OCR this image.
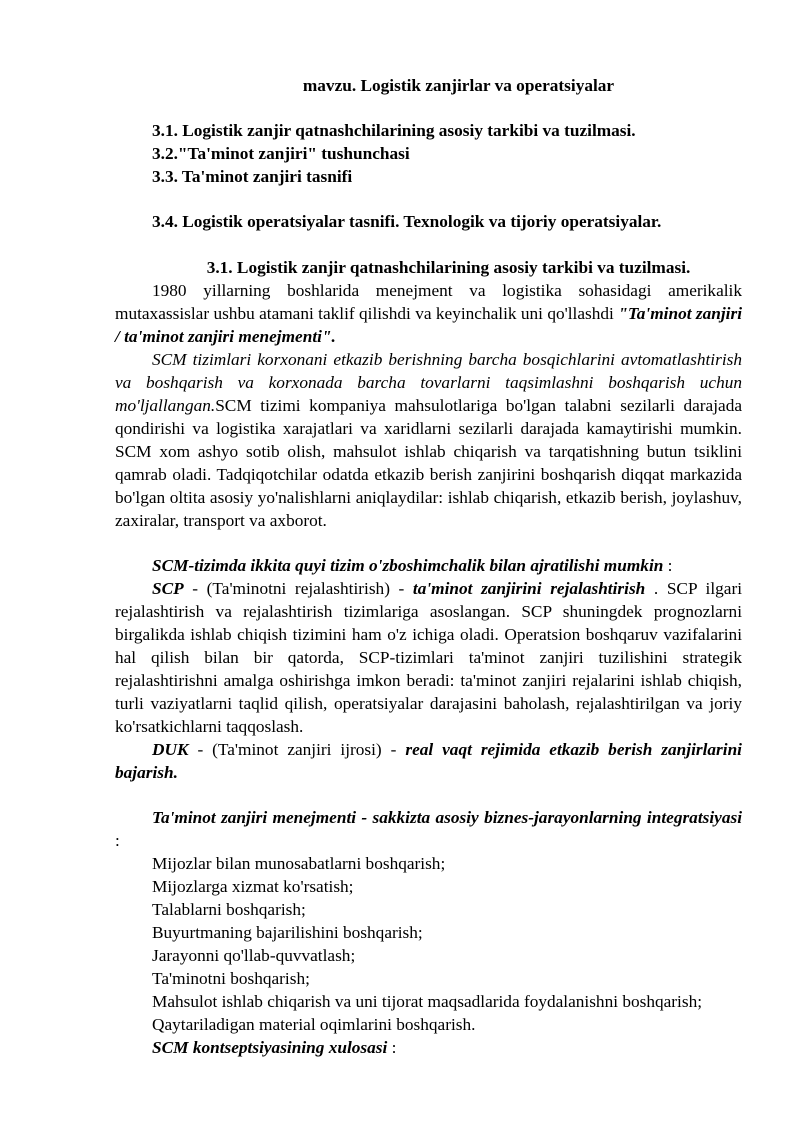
mavzu. Logistik zanjirlar va operatsiyalar
3.1. Logistik zanjir qatnashchilarining asosiy tarkibi va tuzilmasi.
3.2."Ta'minot zanjiri" tushunchasi
3.3. Ta'minot zanjiri tasnifi
3.4. Logistik operatsiyalar tasnifi. Texnologik va tijoriy operatsiyalar.
3.1. Logistik zanjir qatnashchilarining asosiy tarkibi va tuzilmasi.

1980 yillarning boshlarida menejment va logistika sohasidagi amerikalik mutaxassislar ushbu atamani taklif qilishdi va keyinchalik uni qo'llashdi "Ta'minot zanjiri / ta'minot zanjiri menejmenti".

SCM tizimlari korxonani etkazib berishning barcha bosqichlarini avtomatlashtirish va boshqarish va korxonada barcha tovarlarni taqsimlashni boshqarish uchun mo'ljallangan.SCM tizimi kompaniya mahsulotlariga bo'lgan talabni sezilarli darajada qondirishi va logistika xarajatlari va xaridlarni sezilarli darajada kamaytirishi mumkin. SCM xom ashyo sotib olish, mahsulot ishlab chiqarish va tarqatishning butun tsiklini qamrab oladi. Tadqiqotchilar odatda etkazib berish zanjirini boshqarish diqqat markazida bo'lgan oltita asosiy yo'nalishlarni aniqlaydilar: ishlab chiqarish, etkazib berish, joylashuv, zaxiralar, transport va axborot.

SCM-tizimda ikkita quyi tizim o'zboshimchalik bilan ajratilishi mumkin :

SCP - (Ta'minotni rejalashtirish) - ta'minot zanjirini rejalashtirish . SCP ilgari rejalashtirish va rejalashtirish tizimlariga asoslangan. SCP shuningdek prognozlarni birgalikda ishlab chiqish tizimini ham o'z ichiga oladi. Operatsion boshqaruv vazifalarini hal qilish bilan bir qatorda, SCP-tizimlari ta'minot zanjiri tuzilishini strategik rejalashtirishni amalga oshirishga imkon beradi: ta'minot zanjiri rejalarini ishlab chiqish, turli vaziyatlarni taqlid qilish, operatsiyalar darajasini baholash, rejalashtirilgan va joriy ko'rsatkichlarni taqqoslash.

DUK - (Ta'minot zanjiri ijrosi) - real vaqt rejimida etkazib berish zanjirlarini bajarish.

Ta'minot zanjiri menejmenti - sakkizta asosiy biznes-jarayonlarning integratsiyasi :

Mijozlar bilan munosabatlarni boshqarish;
Mijozlarga xizmat ko'rsatish;
Talablarni boshqarish;
Buyurtmaning bajarilishini boshqarish;
Jarayonni qo'llab-quvvatlash;
Ta'minotni boshqarish;
Mahsulot ishlab chiqarish va uni tijorat maqsadlarida foydalanishni boshqarish;
Qaytariladigan material oqimlarini boshqarish.

SCM kontseptsiyasining xulosasi :
